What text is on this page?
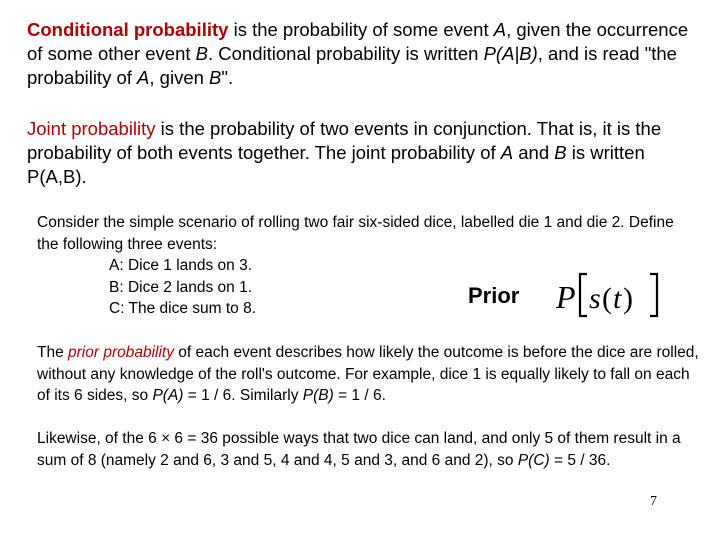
Conditional probability is the probability of some event A, given the occurrence of some other event B. Conditional probability is written P(A|B), and is read "the probability of A, given B".

Joint probability is the probability of two events in conjunction. That is, it is the probability of both events together. The joint probability of A and B is written P(A,B).

Consider the simple scenario of rolling two fair six-sided dice, labelled die 1 and die 2. Define the following three events:

A: Dice 1 lands on 3.
B: Dice 2 lands on 1.
C: The dice sum to 8.
Prior P s ( t )

The prior probability of each event describes how likely the outcome is before the dice are rolled, without any knowledge of the roll's outcome. For example, dice 1 is equally likely to fall on each of its 6 sides, so P(A) = 1 / 6. Similarly P(B) = 1 / 6.

Likewise, of the 6 × 6 = 36 possible ways that two dice can land, and only 5 of them result in a sum of 8 (namely 2 and 6, 3 and 5, 4 and 4, 5 and 3, and 6 and 2), so P(C) = 5 / 36.

7
